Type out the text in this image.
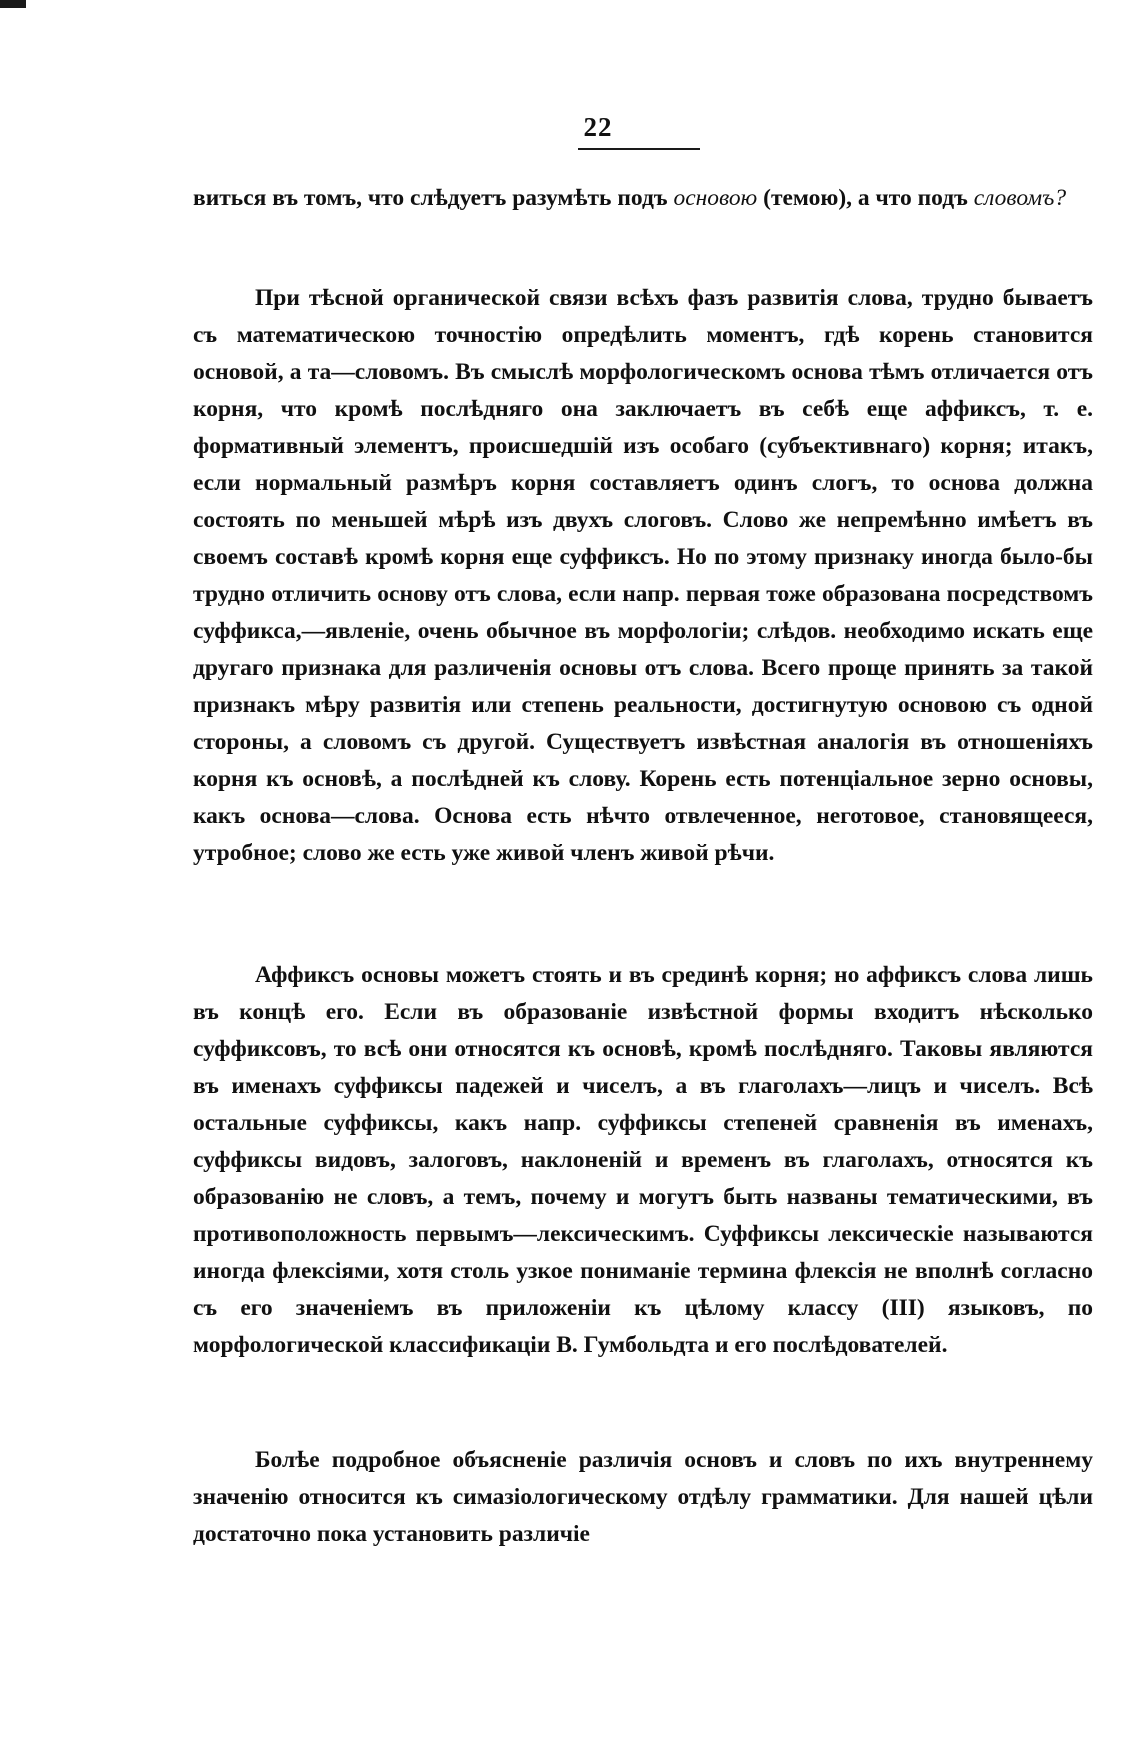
22
виться въ томъ, что слѣдуетъ разумѣть подъ основою (темою), а что подъ словомъ?
При тѣсной органической связи всѣхъ фазъ развитія слова, трудно бываетъ съ математическою точностію опредѣлить моментъ, гдѣ корень становится основой, а та—словомъ. Въ смыслѣ морфологическомъ основа тѣмъ отличается отъ корня, что кромѣ послѣдняго она заключаетъ въ себѣ еще аффиксъ, т. е. формативный элементъ, происшедшій изъ особаго (субъективнаго) корня; итакъ, если нормальный размѣръ корня составляетъ одинъ слогъ, то основа должна состоять по меньшей мѣрѣ изъ двухъ слоговъ. Слово же непремѣнно имѣетъ въ своемъ составѣ кромѣ корня еще суффиксъ. Но по этому признаку иногда было-бы трудно отличить основу отъ слова, если напр. первая тоже образована посредствомъ суффикса,—явленіе, очень обычное въ морфологіи; слѣдов. необходимо искать еще другаго признака для различенія основы отъ слова. Всего проще принять за такой признакъ мѣру развитія или степень реальности, достигнутую основою съ одной стороны, а словомъ съ другой. Существуетъ извѣстная аналогія въ отношеніяхъ корня къ основѣ, а послѣдней къ слову. Корень есть потенціальное зерно основы, какъ основа—слова. Основа есть нѣчто отвлеченное, неготовое, становящееся, утробное; слово же есть уже живой членъ живой рѣчи.
Аффиксъ основы можетъ стоять и въ срединѣ корня; но аффиксъ слова лишь въ концѣ его. Если въ образованіе извѣстной формы входитъ нѣсколько суффиксовъ, то всѣ они относятся къ основѣ, кромѣ послѣдняго. Таковы являются въ именахъ суффиксы падежей и чиселъ, а въ глаголахъ—лицъ и чиселъ. Всѣ остальные суффиксы, какъ напр. суффиксы степеней сравненія въ именахъ, суффиксы видовъ, залоговъ, наклоненій и временъ въ глаголахъ, относятся къ образованію не словъ, а темъ, почему и могутъ быть названы тематическими, въ противоположность первымъ—лексическимъ. Суффиксы лексическіе называются иногда флексіями, хотя столь узкое пониманіе термина флексія не вполнѣ согласно съ его значеніемъ въ приложеніи къ цѣлому классу (III) языковъ, по морфологической классификаціи В. Гумбольдта и его послѣдователей.
Болѣе подробное объясненіе различія основъ и словъ по ихъ внутреннему значенію относится къ симазіологическому отдѣлу грамматики. Для нашей цѣли достаточно пока установить различіе
